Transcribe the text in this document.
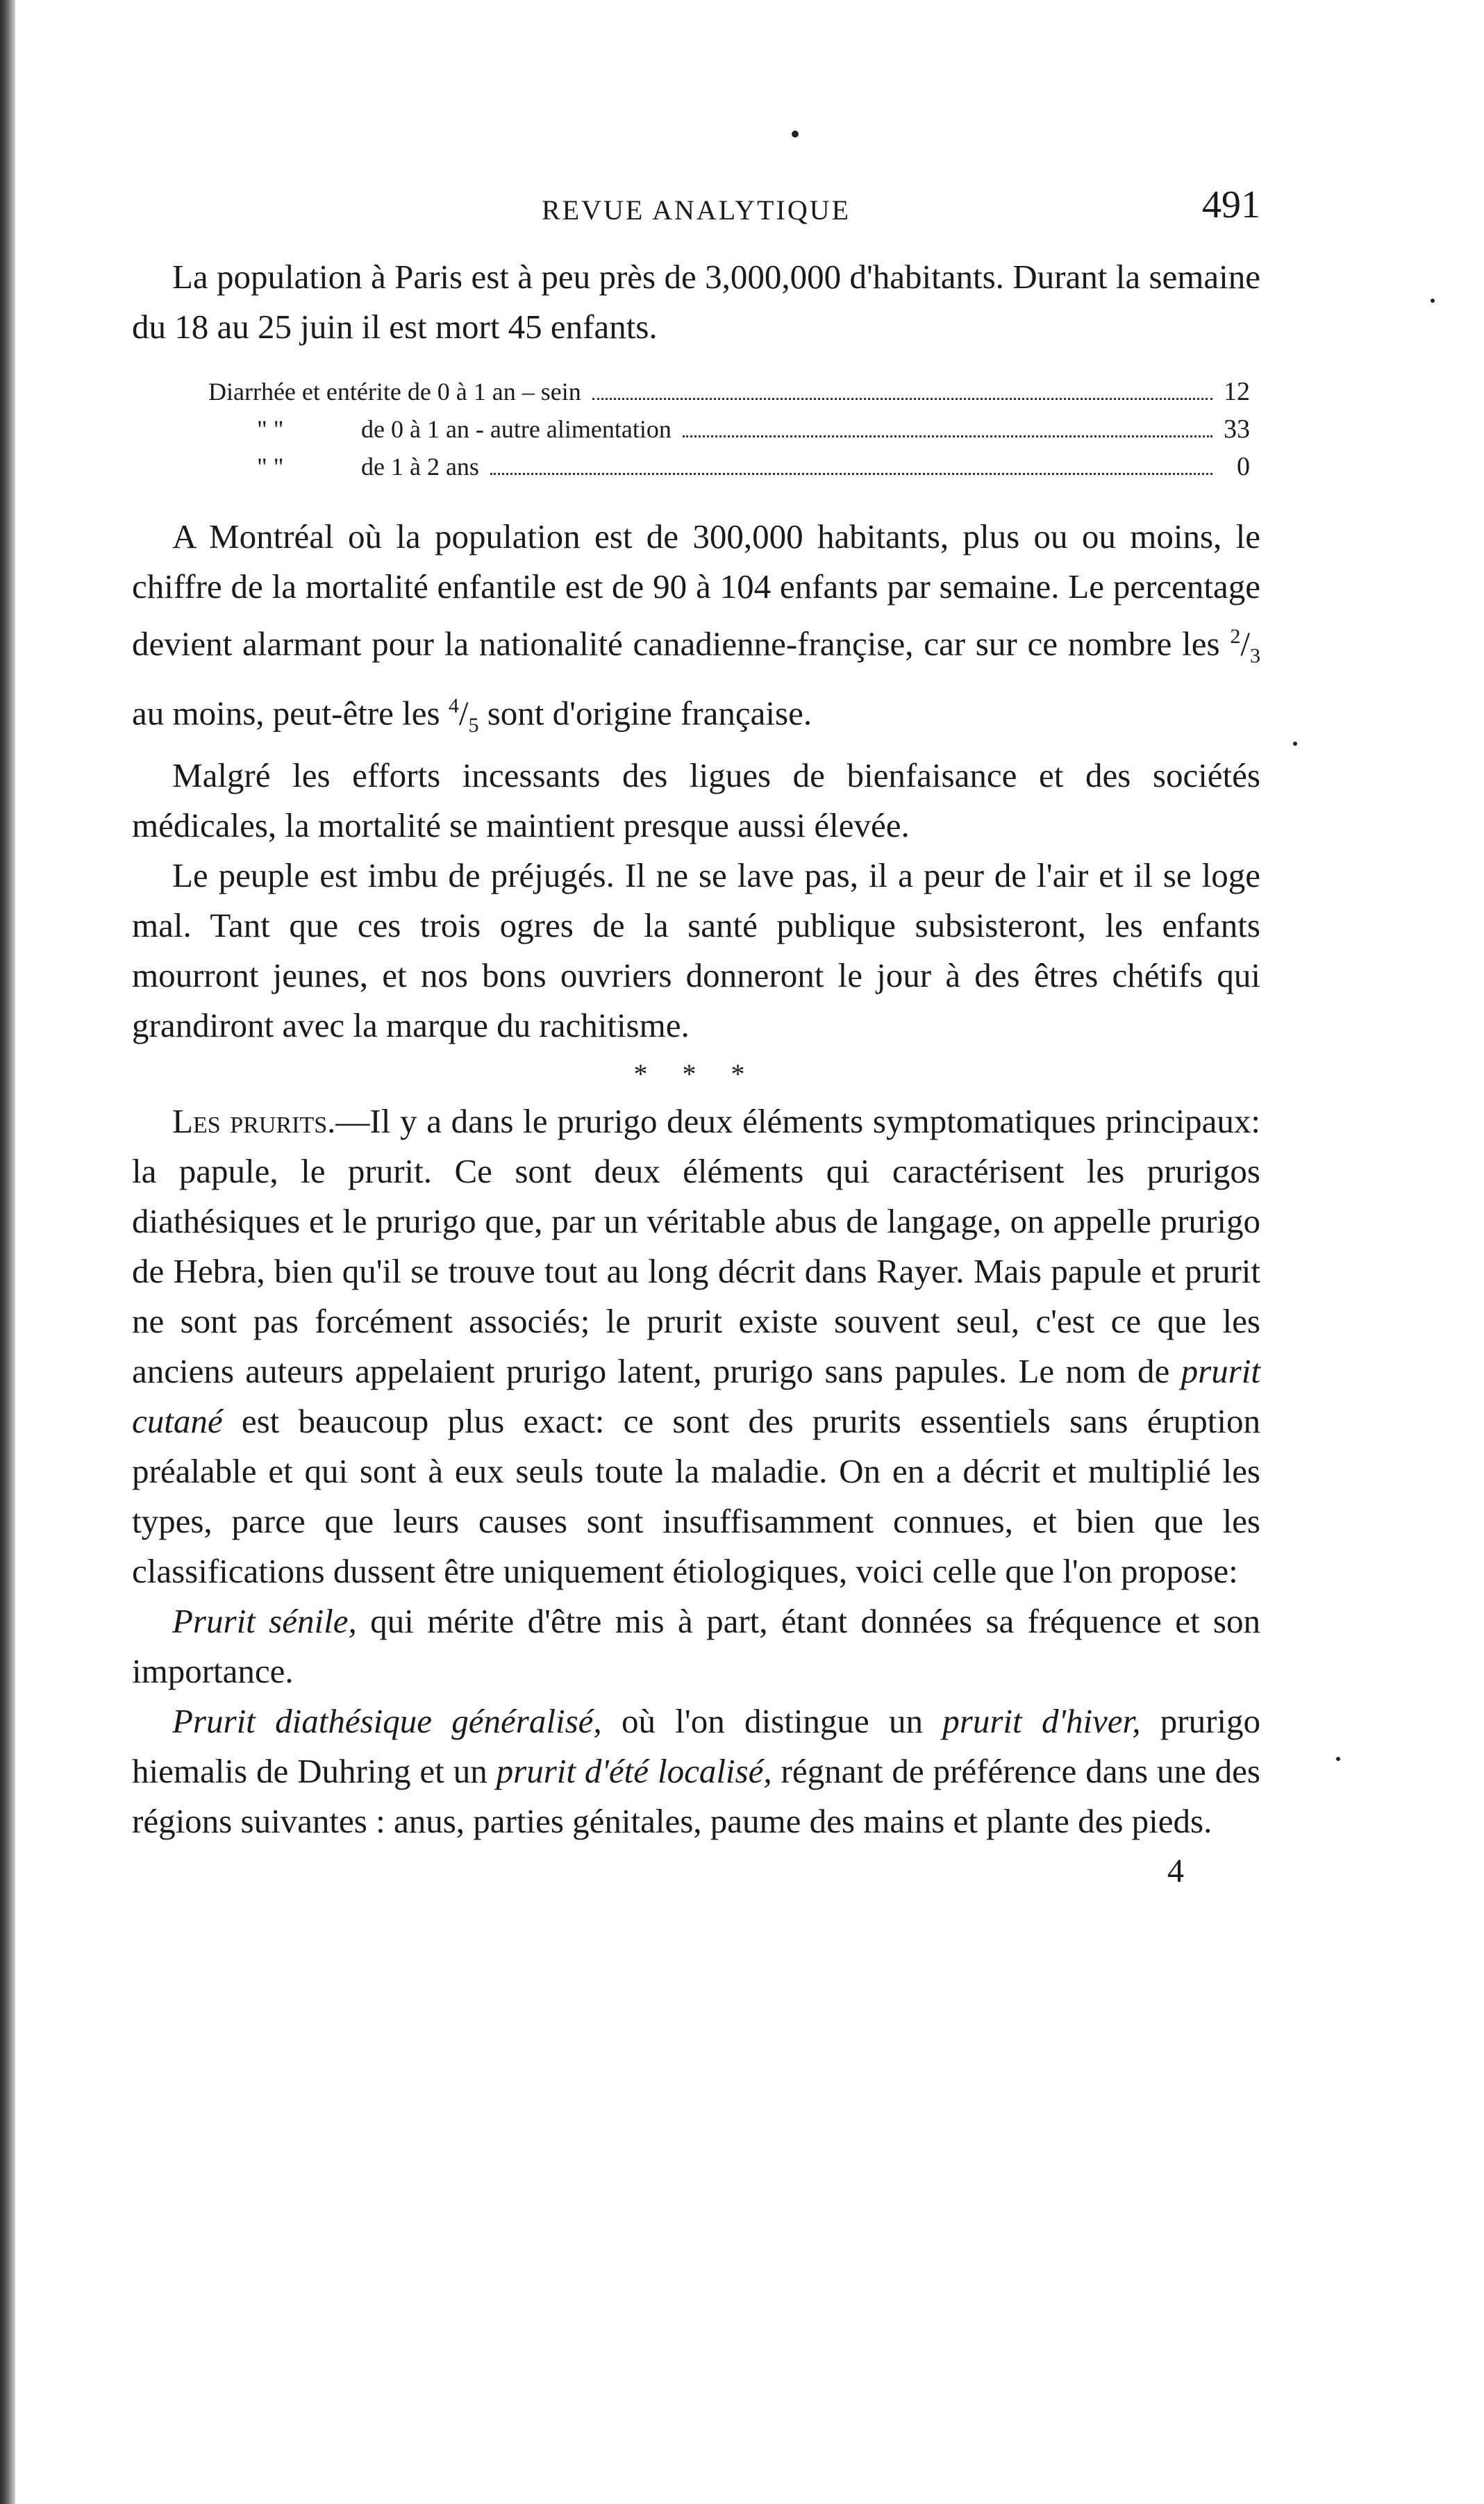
REVUE ANALYTIQUE	491

La population à Paris est à peu près de 3,000,000 d'habitants. Durant la semaine du 18 au 25 juin il est mort 45 enfants.

Diarrhée et entérite de 0 à 1 an – sein	12
" "	de 0 à 1 an - autre alimentation	33
" "	de 1 à 2 ans	0

A Montréal où la population est de 300,000 habitants, plus ou ou moins, le chiffre de la mortalité enfantile est de 90 à 104 enfants par semaine. Le percentage devient alarmant pour la nationalité canadienne-françise, car sur ce nombre les $^2/_3$ au moins, peut-être les $^4/_5$ sont d'origine française.

Malgré les efforts incessants des ligues de bienfaisance et des sociétés médicales, la mortalité se maintient presque aussi élevée.

Le peuple est imbu de préjugés. Il ne se lave pas, il a peur de l'air et il se loge mal. Tant que ces trois ogres de la santé publique subsisteront, les enfants mourront jeunes, et nos bons ouvriers donneront le jour à des êtres chétifs qui grandiront avec la marque du rachitisme.

* * *

Les prurits.—Il y a dans le prurigo deux éléments symptomatiques principaux: la papule, le prurit. Ce sont deux éléments qui caractérisent les prurigos diathésiques et le prurigo que, par un véritable abus de langage, on appelle prurigo de Hebra, bien qu'il se trouve tout au long décrit dans Rayer. Mais papule et prurit ne sont pas forcément associés; le prurit existe souvent seul, c'est ce que les anciens auteurs appelaient prurigo latent, prurigo sans papules. Le nom de prurit cutané est beaucoup plus exact: ce sont des prurits essentiels sans éruption préalable et qui sont à eux seuls toute la maladie. On en a décrit et multiplié les types, parce que leurs causes sont insuffisamment connues, et bien que les classifications dussent être uniquement étiologiques, voici celle que l'on propose:

Prurit sénile, qui mérite d'être mis à part, étant données sa fréquence et son importance.

Prurit diathésique généralisé, où l'on distingue un prurit d'hiver, prurigo hiemalis de Duhring et un prurit d'été localisé, régnant de préférence dans une des régions suivantes : anus, parties génitales, paume des mains et plante des pieds.

4
